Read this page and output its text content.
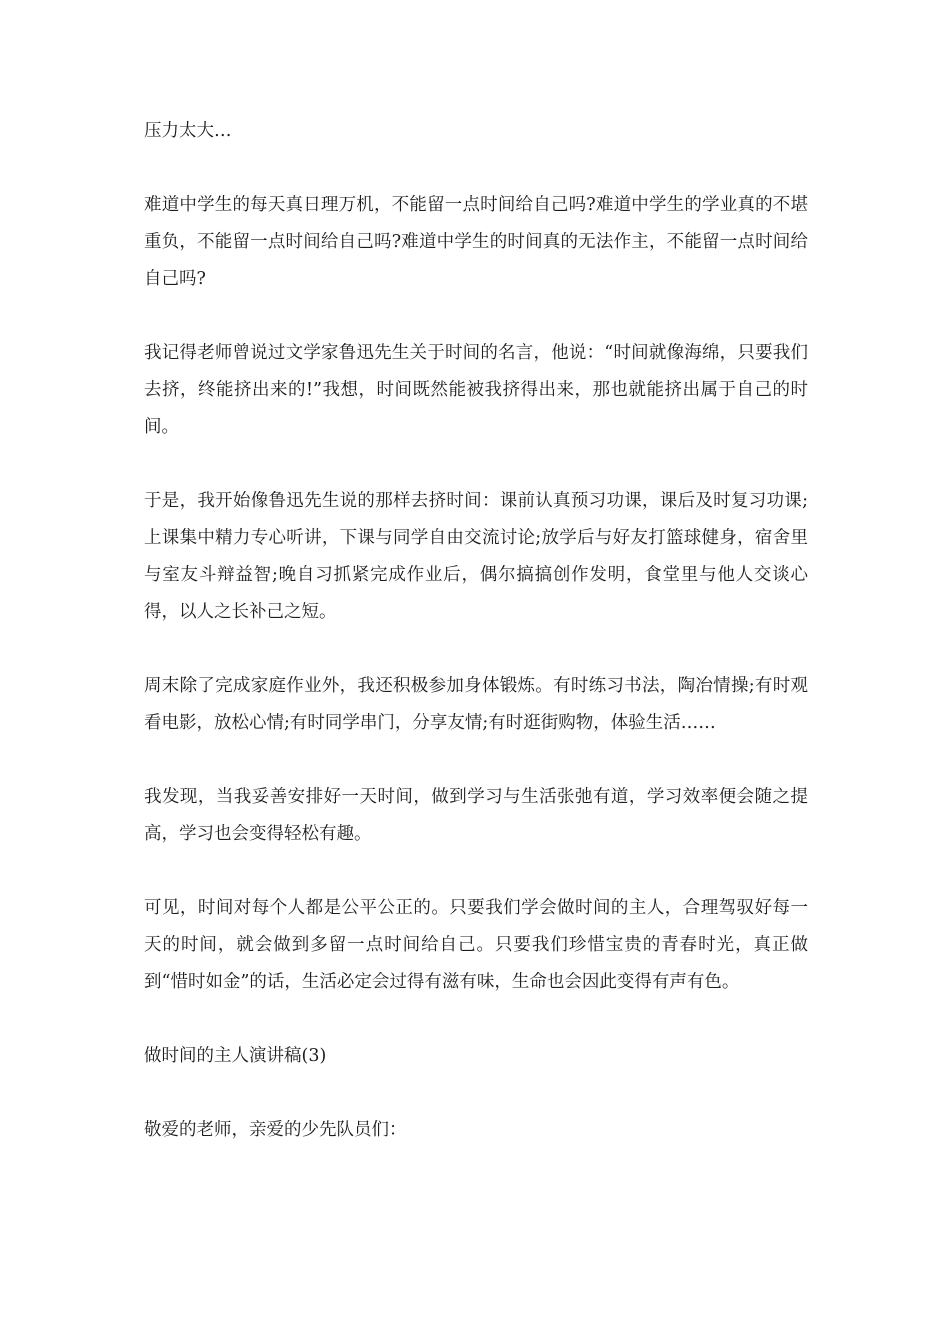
压力太大…

难道中学生的每天真日理万机，不能留一点时间给自己吗?难道中学生的学业真的不堪重负，不能留一点时间给自己吗?难道中学生的时间真的无法作主，不能留一点时间给自己吗?

我记得老师曾说过文学家鲁迅先生关于时间的名言，他说：“时间就像海绵，只要我们去挤，终能挤出来的!”我想，时间既然能被我挤得出来，那也就能挤出属于自己的时间。

于是，我开始像鲁迅先生说的那样去挤时间：课前认真预习功课，课后及时复习功课;上课集中精力专心听讲，下课与同学自由交流讨论;放学后与好友打篮球健身，宿舍里与室友斗辩益智;晚自习抓紧完成作业后，偶尔搞搞创作发明，食堂里与他人交谈心得，以人之长补己之短。

周末除了完成家庭作业外，我还积极参加身体锻炼。有时练习书法，陶冶情操;有时观看电影，放松心情;有时同学串门，分享友情;有时逛街购物，体验生活……

我发现，当我妥善安排好一天时间，做到学习与生活张弛有道，学习效率便会随之提高，学习也会变得轻松有趣。

可见，时间对每个人都是公平公正的。只要我们学会做时间的主人，合理驾驭好每一天的时间，就会做到多留一点时间给自己。只要我们珍惜宝贵的青春时光，真正做到“惜时如金”的话，生活必定会过得有滋有味，生命也会因此变得有声有色。

做时间的主人演讲稿(3)

敬爱的老师，亲爱的少先队员们：
